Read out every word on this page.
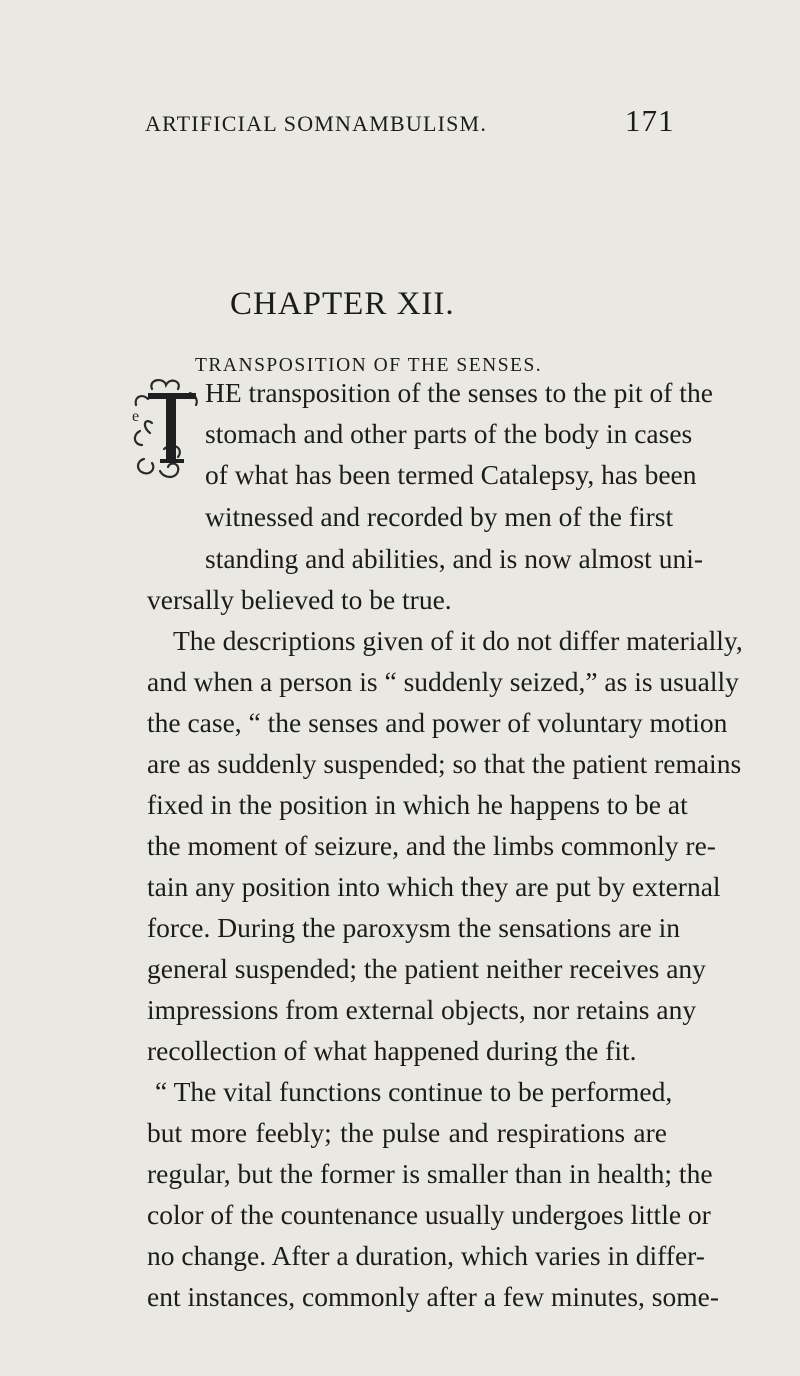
ARTIFICIAL SOMNAMBULISM.	171
CHAPTER XII.
TRANSPOSITION OF THE SENSES.
e
HE transposition of the senses to the pit of the
stomach and other parts of the body in cases
of what has been termed Catalepsy, has been
witnessed and recorded by men of the first
standing and abilities, and is now almost uni-
versally believed to be true.
The descriptions given of it do not differ materially,
and when a person is “ suddenly seized,” as is usually
the case, “ the senses and power of voluntary motion
are as suddenly suspended; so that the patient remains
fixed in the position in which he happens to be at
the moment of seizure, and the limbs commonly re-
tain any position into which they are put by external
force. During the paroxysm the sensations are in
general suspended; the patient neither receives any
impressions from external objects, nor retains any
recollection of what happened during the fit.
“ The vital functions continue to be performed,
but more feebly; the pulse and respirations are
regular, but the former is smaller than in health; the
color of the countenance usually undergoes little or
no change. After a duration, which varies in differ-
ent instances, commonly after a few minutes, some-
